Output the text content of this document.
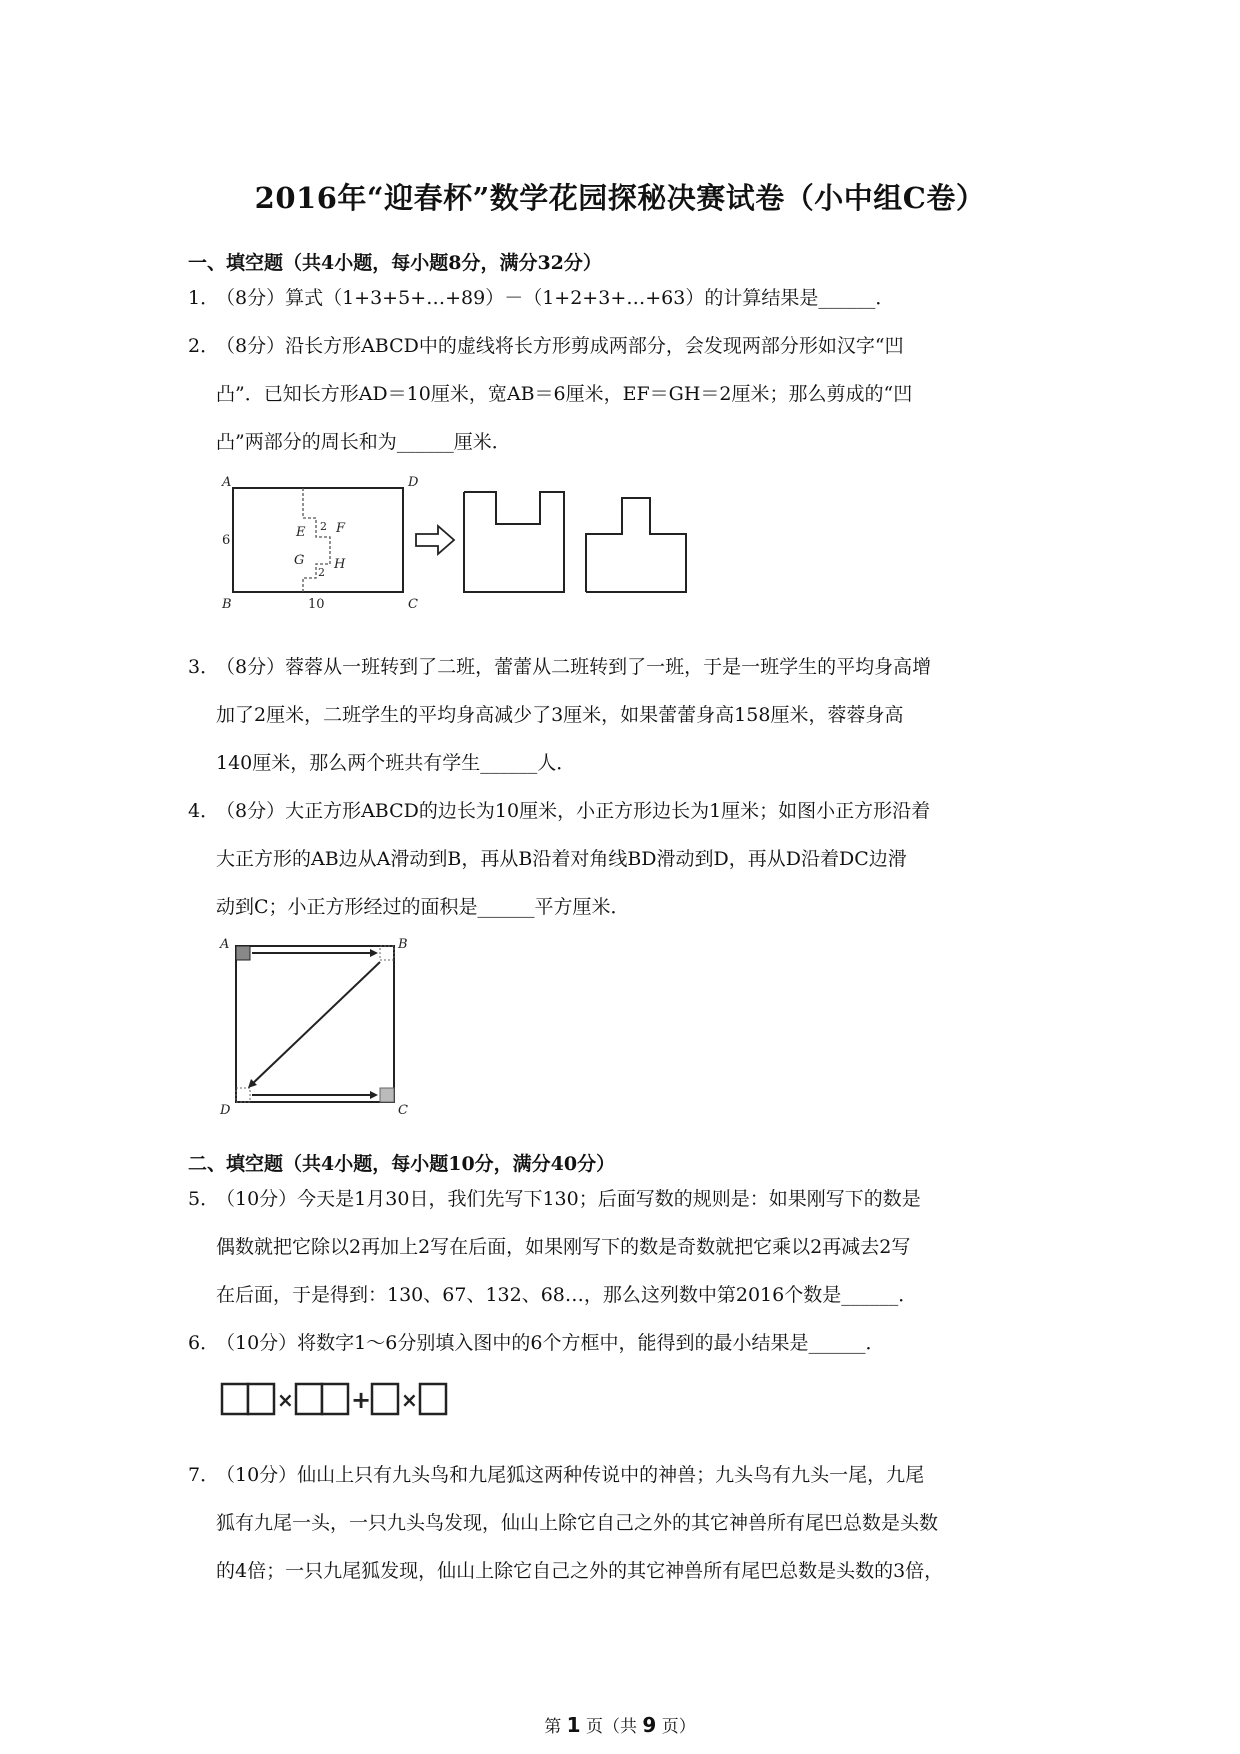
2016年“迎春杯”数学花园探秘决赛试卷（小中组C卷）
一、填空题（共4小题，每小题8分，满分32分）
1．
（8分）算式（1+3+5+…+89）－（1+2+3+…+63）的计算结果是______．
2．
（8分）沿长方形ABCD中的虚线将长方形剪成两部分，会发现两部分形如汉字“凹
凸”．已知长方形AD＝10厘米，宽AB＝6厘米，EF＝GH＝2厘米；那么剪成的“凹
凸”两部分的周长和为______厘米．
A	D
B	C
6
10
E F
G H
2
2
3．
（8分）蓉蓉从一班转到了二班，蕾蕾从二班转到了一班，于是一班学生的平均身高增
加了2厘米，二班学生的平均身高减少了3厘米，如果蕾蕾身高158厘米，蓉蓉身高
140厘米，那么两个班共有学生______人．
4．
（8分）大正方形ABCD的边长为10厘米，小正方形边长为1厘米；如图小正方形沿着
大正方形的AB边从A滑动到B，再从B沿着对角线BD滑动到D，再从D沿着DC边滑
动到C；小正方形经过的面积是______平方厘米．
A	B
D	C
二、填空题（共4小题，每小题10分，满分40分）
5．
（10分）今天是1月30日，我们先写下130；后面写数的规则是：如果刚写下的数是
偶数就把它除以2再加上2写在后面，如果刚写下的数是奇数就把它乘以2再减去2写
在后面，于是得到：130、67、132、68…，那么这列数中第2016个数是______．
6．
（10分）将数字1～6分别填入图中的6个方框中，能得到的最小结果是______．
× + ×
7．
（10分）仙山上只有九头鸟和九尾狐这两种传说中的神兽；九头鸟有九头一尾，九尾
狐有九尾一头，一只九头鸟发现，仙山上除它自己之外的其它神兽所有尾巴总数是头数
的4倍；一只九尾狐发现，仙山上除它自己之外的其它神兽所有尾巴总数是头数的3倍，
第 1 页（共 9 页）
